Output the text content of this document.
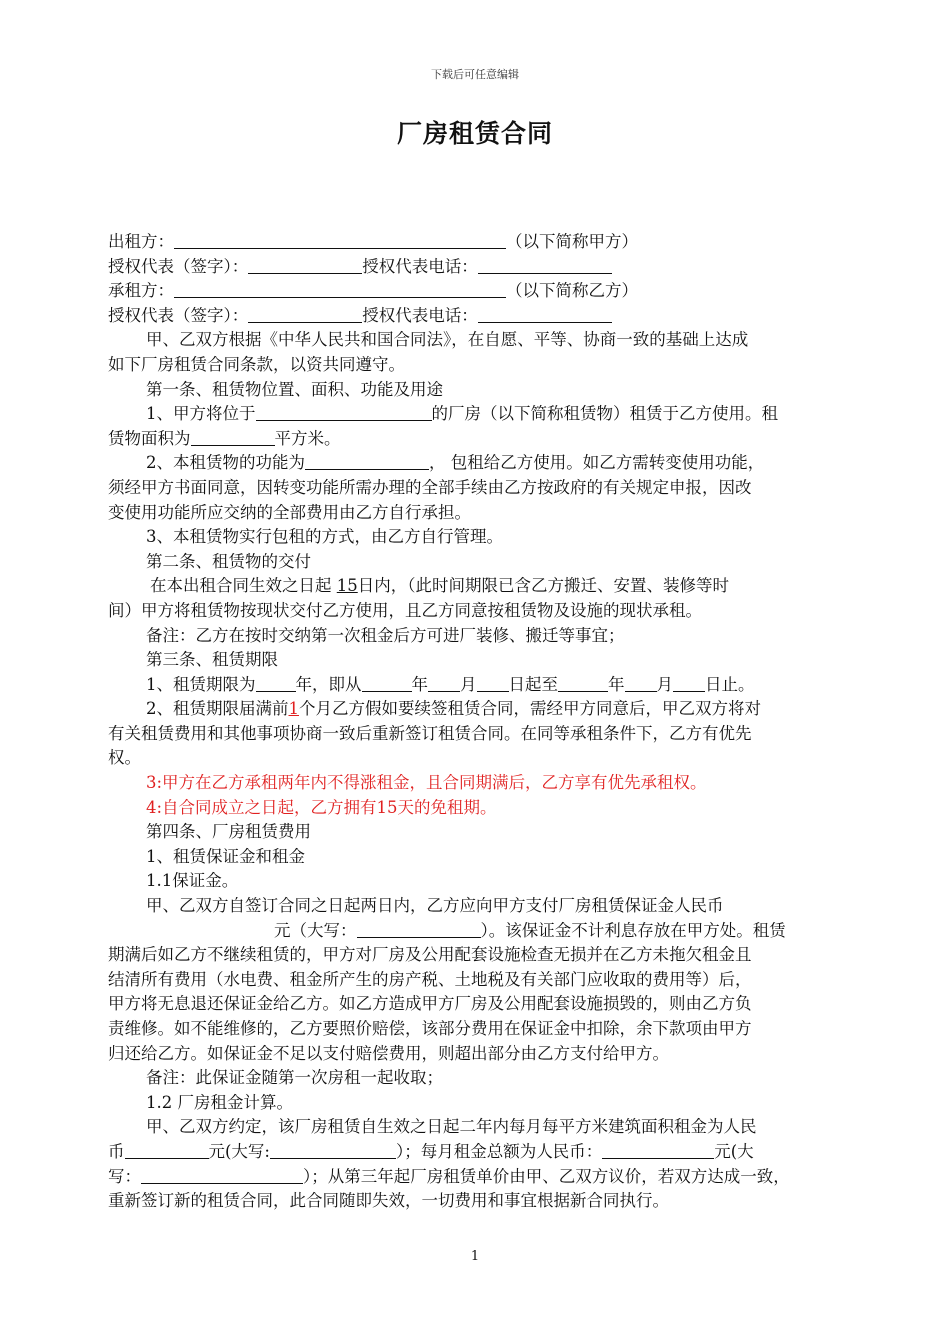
下载后可任意编辑
厂房租赁合同
出租方：	（以下简称甲方）
授权代表（签字）：	授权代表电话：
承租方：	（以下简称乙方）
授权代表（签字）：	授权代表电话：
甲、乙双方根据《中华人民共和国合同法》，在自愿、平等、协商一致的基础上达成
如下厂房租赁合同条款，以资共同遵守。
第一条、租赁物位置、面积、功能及用途
1、甲方将位于	的厂房（以下简称租赁物）租赁于乙方使用。租
赁物面积为	平方米。
2、本租赁物的功能为	， 包租给乙方使用。如乙方需转变使用功能，
须经甲方书面同意，因转变功能所需办理的全部手续由乙方按政府的有关规定申报，因改
变使用功能所应交纳的全部费用由乙方自行承担。
3、本租赁物实行包租的方式，由乙方自行管理。
第二条、租赁物的交付
在本出租合同生效之日起 15日内，（此时间期限已含乙方搬迁、安置、装修等时
间）甲方将租赁物按现状交付乙方使用，且乙方同意按租赁物及设施的现状承租。
备注：乙方在按时交纳第一次租金后方可进厂装修、搬迁等事宜；
第三条、租赁期限
1、租赁期限为 年，即从	年 月 日起至	年 月 日止。
2、租赁期限届满前1个月乙方假如要续签租赁合同，需经甲方同意后，甲乙双方将对
有关租赁费用和其他事项协商一致后重新签订租赁合同。在同等承租条件下，乙方有优先
权。
3:甲方在乙方承租两年内不得涨租金，且合同期满后，乙方享有优先承租权。
4:自合同成立之日起，乙方拥有15天的免租期。
第四条、厂房租赁费用
1、租赁保证金和租金
1.1保证金。
甲、乙双方自签订合同之日起两日内，乙方应向甲方支付厂房租赁保证金人民币
元（大写：	）。该保证金不计利息存放在甲方处。租赁
期满后如乙方不继续租赁的，甲方对厂房及公用配套设施检查无损并在乙方未拖欠租金且
结清所有费用（水电费、租金所产生的房产税、土地税及有关部门应收取的费用等）后，
甲方将无息退还保证金给乙方。如乙方造成甲方厂房及公用配套设施损毁的，则由乙方负
责维修。如不能维修的，乙方要照价赔偿，该部分费用在保证金中扣除，余下款项由甲方
归还给乙方。如保证金不足以支付赔偿费用，则超出部分由乙方支付给甲方。
备注：此保证金随第一次房租一起收取；
1.2 厂房租金计算。
甲、乙双方约定，该厂房租赁自生效之日起二年内每月每平方米建筑面积租金为人民
币	元(大写:	）；每月租金总额为人民币：	元(大
写：	）；从第三年起厂房租赁单价由甲、乙双方议价，若双方达成一致，
重新签订新的租赁合同，此合同随即失效，一切费用和事宜根据新合同执行。
1
